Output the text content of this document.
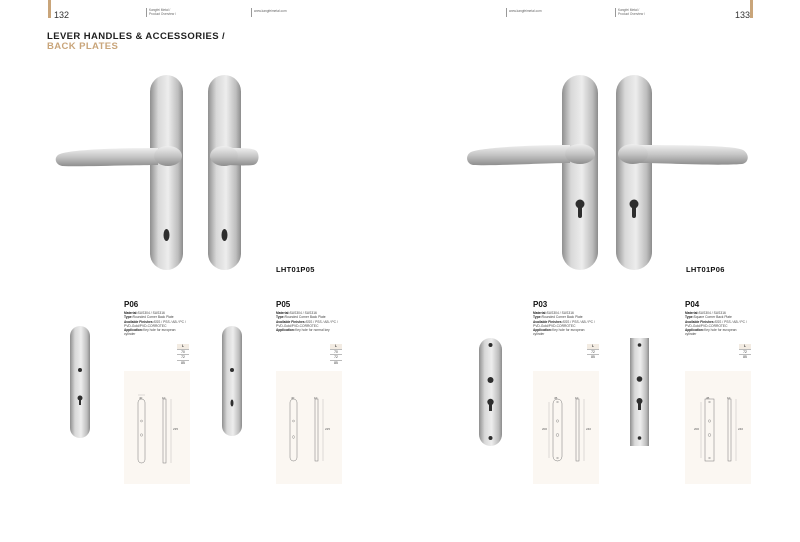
132	Kangfei Metal /
Product Overview /
www.kangfeimetal.com	www.kangfeimetal.com	Kangfei Metal /
Product Overview /	133
LEVER HANDLES & ACCESSORIES /
BACK PLATES
LHT01P05	LHT01P06
P06
Material:SUS304 / SUS316
Type:Rounded Corner Back Plate
Available Finishes:SSS / PSS / AB / PC / PVD-Gold/PVD-CORROTEC
Application:Key hole for european cylinder
L
70
72
85
40	10
235
P05
Material:SUS304 / SUS316
Type:Rounded Corner Back Plate
Available Finishes:SSS / PSS / AB / PC / PVD-Gold/PVD-CORROTEC
Application:Key hole for normal key
L
70
72
85
40	10
225
P03
Material:SUS304 / SUS316
Type:Rounded Corner Back Plate
Available Finishes:SSS / PSS / AB / PC / PVD-Gold/PVD-CORROTEC
Application:Key hole for european cylinder
L
72
85
45	10
200	240
P04
Material:SUS304 / SUS316
Type:Square Corner Back Plate
Available Finishes:SSS / PSS / AB / PC / PVD-Gold/PVD-CORROTEC
Application:Key hole for european cylinder
L
72
85
45	10
200	240
